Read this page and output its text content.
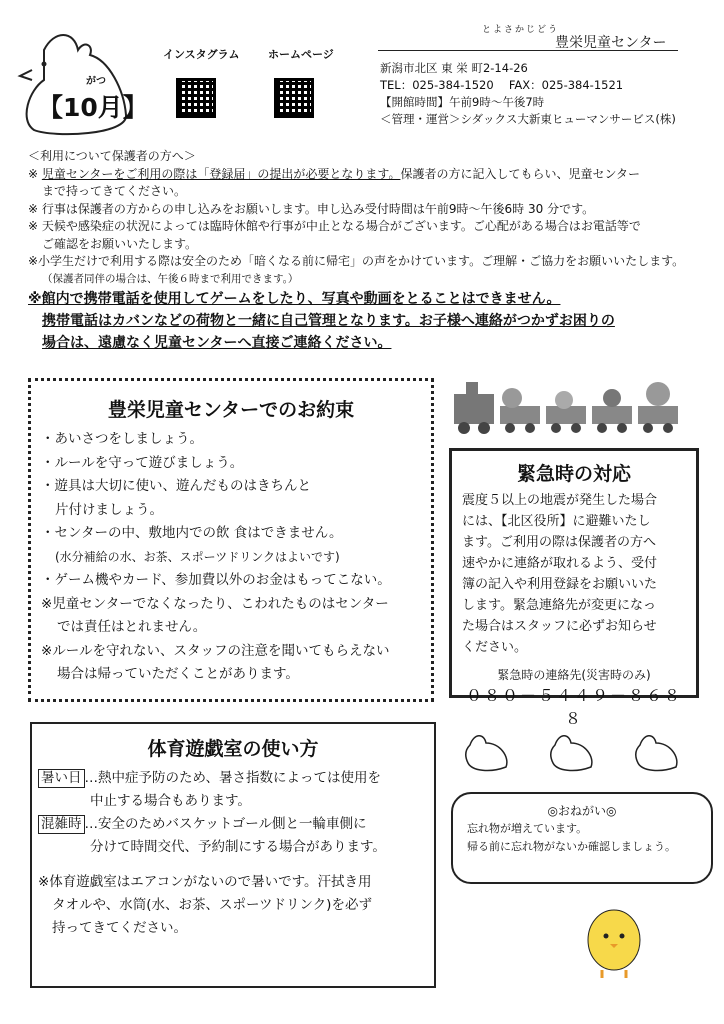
がつ
【10月】
インスタグラム	ホームページ
とよさかじどう
豊栄児童センター
新潟市北区 東 栄 町2-14-26
TEL：025-384-1520　 FAX：025-384-1521
【開館時間】午前9時～午後7時
＜管理・運営＞シダックス大新東ヒューマンサービス(株)
＜利用について保護者の方へ＞
※ 児童センターをご利用の際は「登録届」の提出が必要となります。保護者の方に記入してもらい、児童センター
まで持ってきてください。
※ 行事は保護者の方からの申し込みをお願いします。申し込み受付時間は午前9時～午後6時 30 分です。
※ 天候や感染症の状況によっては臨時休館や行事が中止となる場合がございます。ご心配がある場合はお電話等で
ご確認をお願いいたします。
※小学生だけで利用する際は安全のため「暗くなる前に帰宅」の声をかけています。ご理解・ご協力をお願いいたします。
（保護者同伴の場合は、午後６時まで利用できます。）
※館内で携帯電話を使用してゲームをしたり、写真や動画をとることはできません。
携帯電話はカバンなどの荷物と一緒に自己管理となります。お子様へ連絡がつかずお困りの
場合は、遠慮なく児童センターへ直接ご連絡ください。
豊栄児童センターでのお約束
・あいさつをしましょう。
・ルールを守って遊びましょう。
・遊具は大切に使い、遊んだものはきちんと
片付けましょう。
・センターの中、敷地内での飲 食はできません。
(水分補給の水、お茶、スポーツドリンクはよいです)
・ゲーム機やカード、参加費以外のお金はもってこない。
※児童センターでなくなったり、こわれたものはセンター
では責任はとれません。
※ルールを守れない、スタッフの注意を聞いてもらえない
場合は帰っていただくことがあります。
緊急時の対応
震度５以上の地震が発生した場合
には、【北区役所】に避難いたし
ます。ご利用の際は保護者の方へ
速やかに連絡が取れるよう、受付
簿の記入や利用登録をお願いいた
します。緊急連絡先が変更になっ
た場合はスタッフに必ずお知らせ
ください。
緊急時の連絡先(災害時のみ)
０８０－５４４９－８６８８
体育遊戯室の使い方
暑い日 …熱中症予防のため、暑さ指数によっては使用を
中止する場合もあります。
混雑時 …安全のためバスケットゴール側と一輪車側に
分けて時間交代、予約制にする場合があります。
※体育遊戯室はエアコンがないので暑いです。汗拭き用
タオルや、水筒(水、お茶、スポーツドリンク)を必ず
持ってきてください。
◎おねがい◎
忘れ物が増えています。
帰る前に忘れ物がないか確認しましょう。
